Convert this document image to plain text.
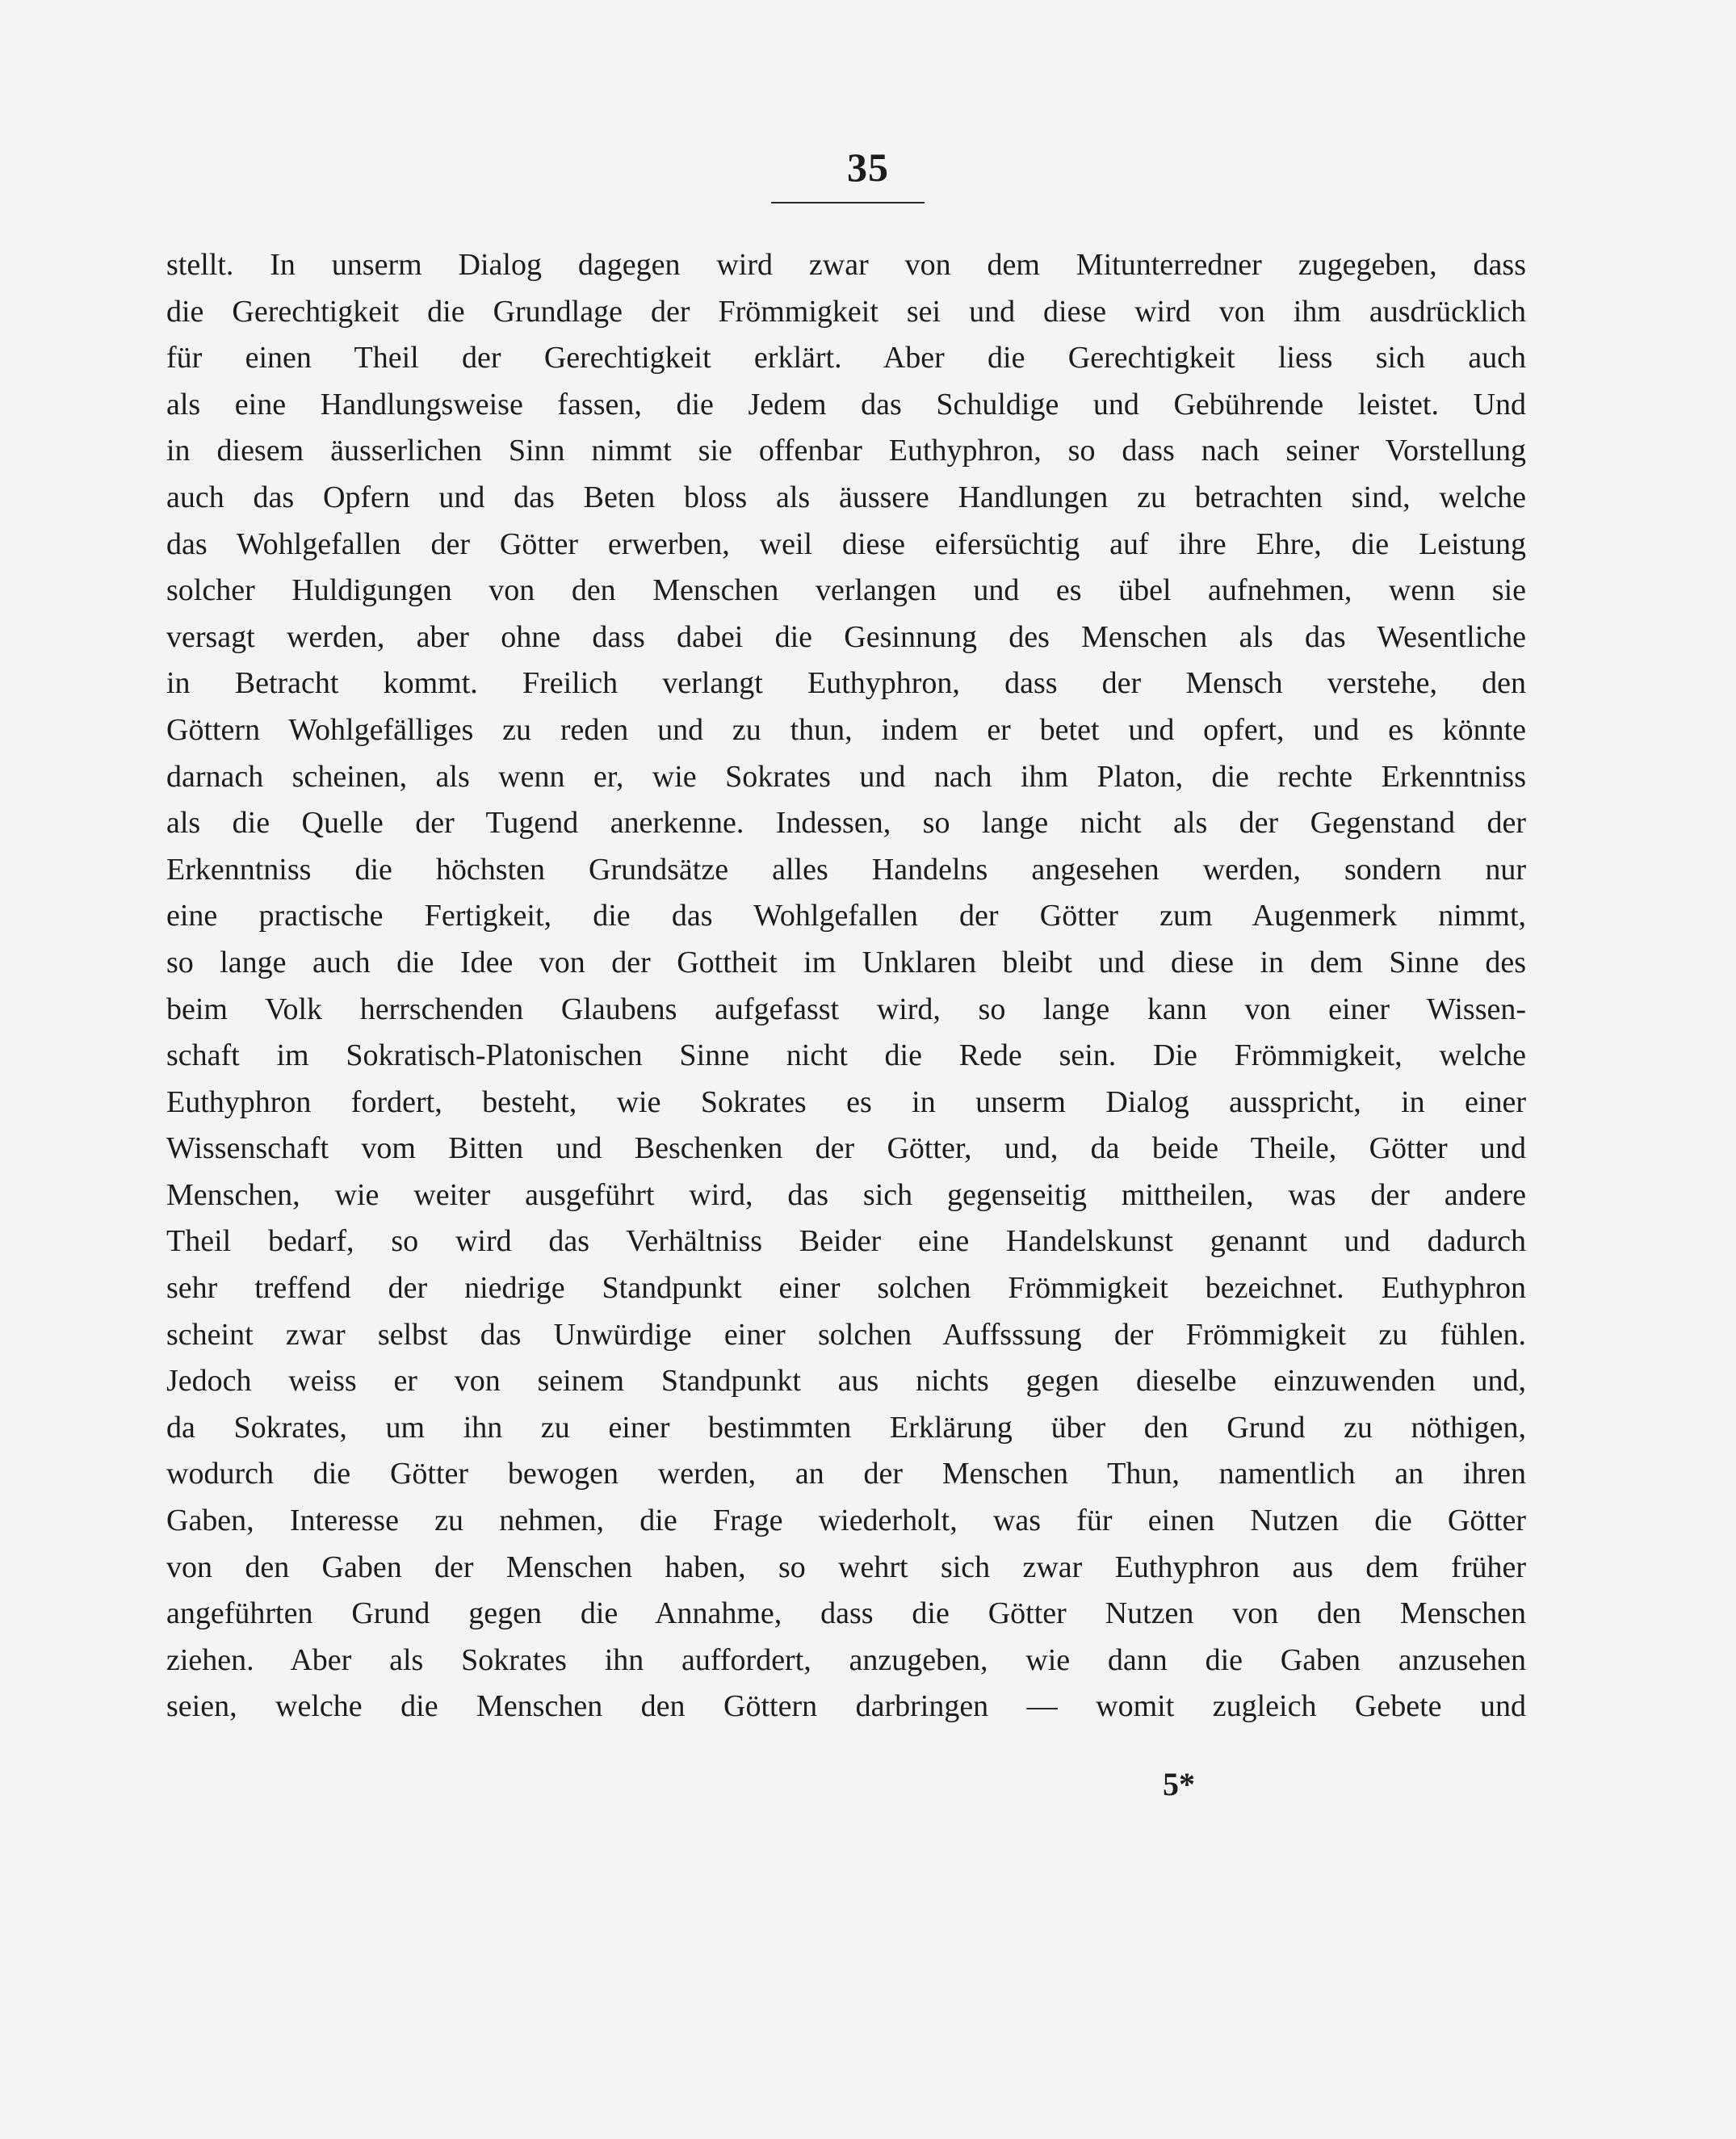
35
stellt. In unserm Dialog dagegen wird zwar von dem Mitunterredner zugegeben, dass
die Gerechtigkeit die Grundlage der Frömmigkeit sei und diese wird von ihm ausdrücklich
für einen Theil der Gerechtigkeit erklärt. Aber die Gerechtigkeit liess sich auch
als eine Handlungsweise fassen, die Jedem das Schuldige und Gebührende leistet. Und
in diesem äusserlichen Sinn nimmt sie offenbar Euthyphron, so dass nach seiner Vorstellung
auch das Opfern und das Beten bloss als äussere Handlungen zu betrachten sind, welche
das Wohlgefallen der Götter erwerben, weil diese eifersüchtig auf ihre Ehre, die Leistung
solcher Huldigungen von den Menschen verlangen und es übel aufnehmen, wenn sie
versagt werden, aber ohne dass dabei die Gesinnung des Menschen als das Wesentliche
in Betracht kommt. Freilich verlangt Euthyphron, dass der Mensch verstehe, den
Göttern Wohlgefälliges zu reden und zu thun, indem er betet und opfert, und es könnte
darnach scheinen, als wenn er, wie Sokrates und nach ihm Platon, die rechte Erkenntniss
als die Quelle der Tugend anerkenne. Indessen, so lange nicht als der Gegenstand der
Erkenntniss die höchsten Grundsätze alles Handelns angesehen werden, sondern nur
eine practische Fertigkeit, die das Wohlgefallen der Götter zum Augenmerk nimmt,
so lange auch die Idee von der Gottheit im Unklaren bleibt und diese in dem Sinne des
beim Volk herrschenden Glaubens aufgefasst wird, so lange kann von einer Wissen-
schaft im Sokratisch-Platonischen Sinne nicht die Rede sein. Die Frömmigkeit, welche
Euthyphron fordert, besteht, wie Sokrates es in unserm Dialog ausspricht, in einer
Wissenschaft vom Bitten und Beschenken der Götter, und, da beide Theile, Götter und
Menschen, wie weiter ausgeführt wird, das sich gegenseitig mittheilen, was der andere
Theil bedarf, so wird das Verhältniss Beider eine Handelskunst genannt und dadurch
sehr treffend der niedrige Standpunkt einer solchen Frömmigkeit bezeichnet. Euthyphron
scheint zwar selbst das Unwürdige einer solchen Auffsssung der Frömmigkeit zu fühlen.
Jedoch weiss er von seinem Standpunkt aus nichts gegen dieselbe einzuwenden und,
da Sokrates, um ihn zu einer bestimmten Erklärung über den Grund zu nöthigen,
wodurch die Götter bewogen werden, an der Menschen Thun, namentlich an ihren
Gaben, Interesse zu nehmen, die Frage wiederholt, was für einen Nutzen die Götter
von den Gaben der Menschen haben, so wehrt sich zwar Euthyphron aus dem früher
angeführten Grund gegen die Annahme, dass die Götter Nutzen von den Menschen
ziehen. Aber als Sokrates ihn auffordert, anzugeben, wie dann die Gaben anzusehen
seien, welche die Menschen den Göttern darbringen — womit zugleich Gebete und
5*
